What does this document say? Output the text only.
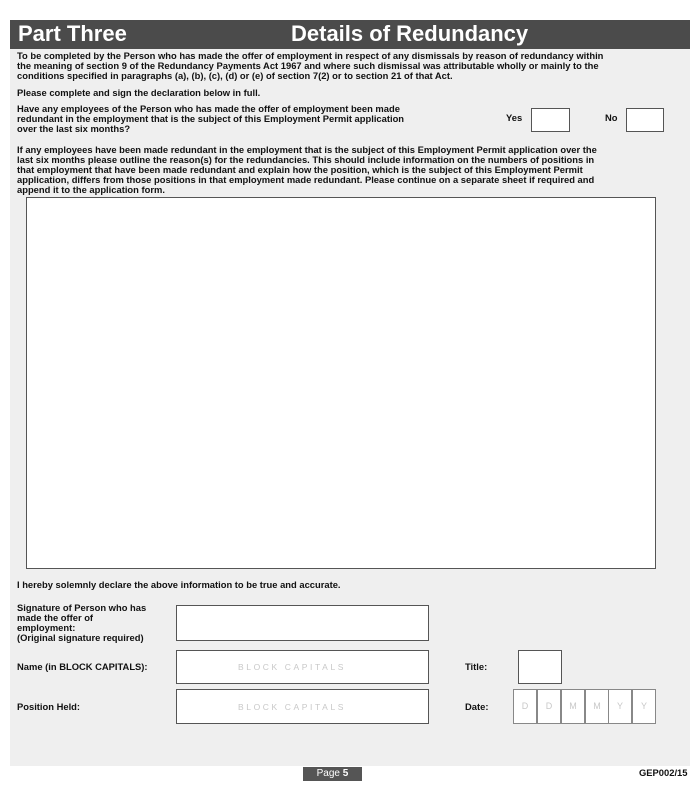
Part Three	Details of Redundancy
To be completed by the Person who has made the offer of employment in respect of any dismissals by reason of redundancy within
the meaning of section 9 of the Redundancy Payments Act 1967 and where such dismissal was attributable wholly or mainly to the
conditions specified in paragraphs (a), (b), (c), (d) or (e) of section 7(2) or to section 21 of that Act.
Please complete and sign the declaration below in full.
Have any employees of the Person who has made the offer of employment been made
redundant in the employment that is the subject of this Employment Permit application
over the last six months?
Yes	No
If any employees have been made redundant in the employment that is the subject of this Employment Permit application over the
last six months please outline the reason(s) for the redundancies. This should include information on the numbers of positions in
that employment that have been made redundant and explain how the position, which is the subject of this Employment Permit
application, differs from those positions in that employment made redundant. Please continue on a separate sheet if required and
append it to the application form.
I hereby solemnly declare the above information to be true and accurate.
Signature of Person who has
made the offer of
employment:
(Original signature required)
Name (in BLOCK CAPITALS):	BLOCK CAPITALS	Title:
Position Held:	BLOCK CAPITALS	Date:	D	D	M	M	Y	Y
Page 5	GEP002/15
